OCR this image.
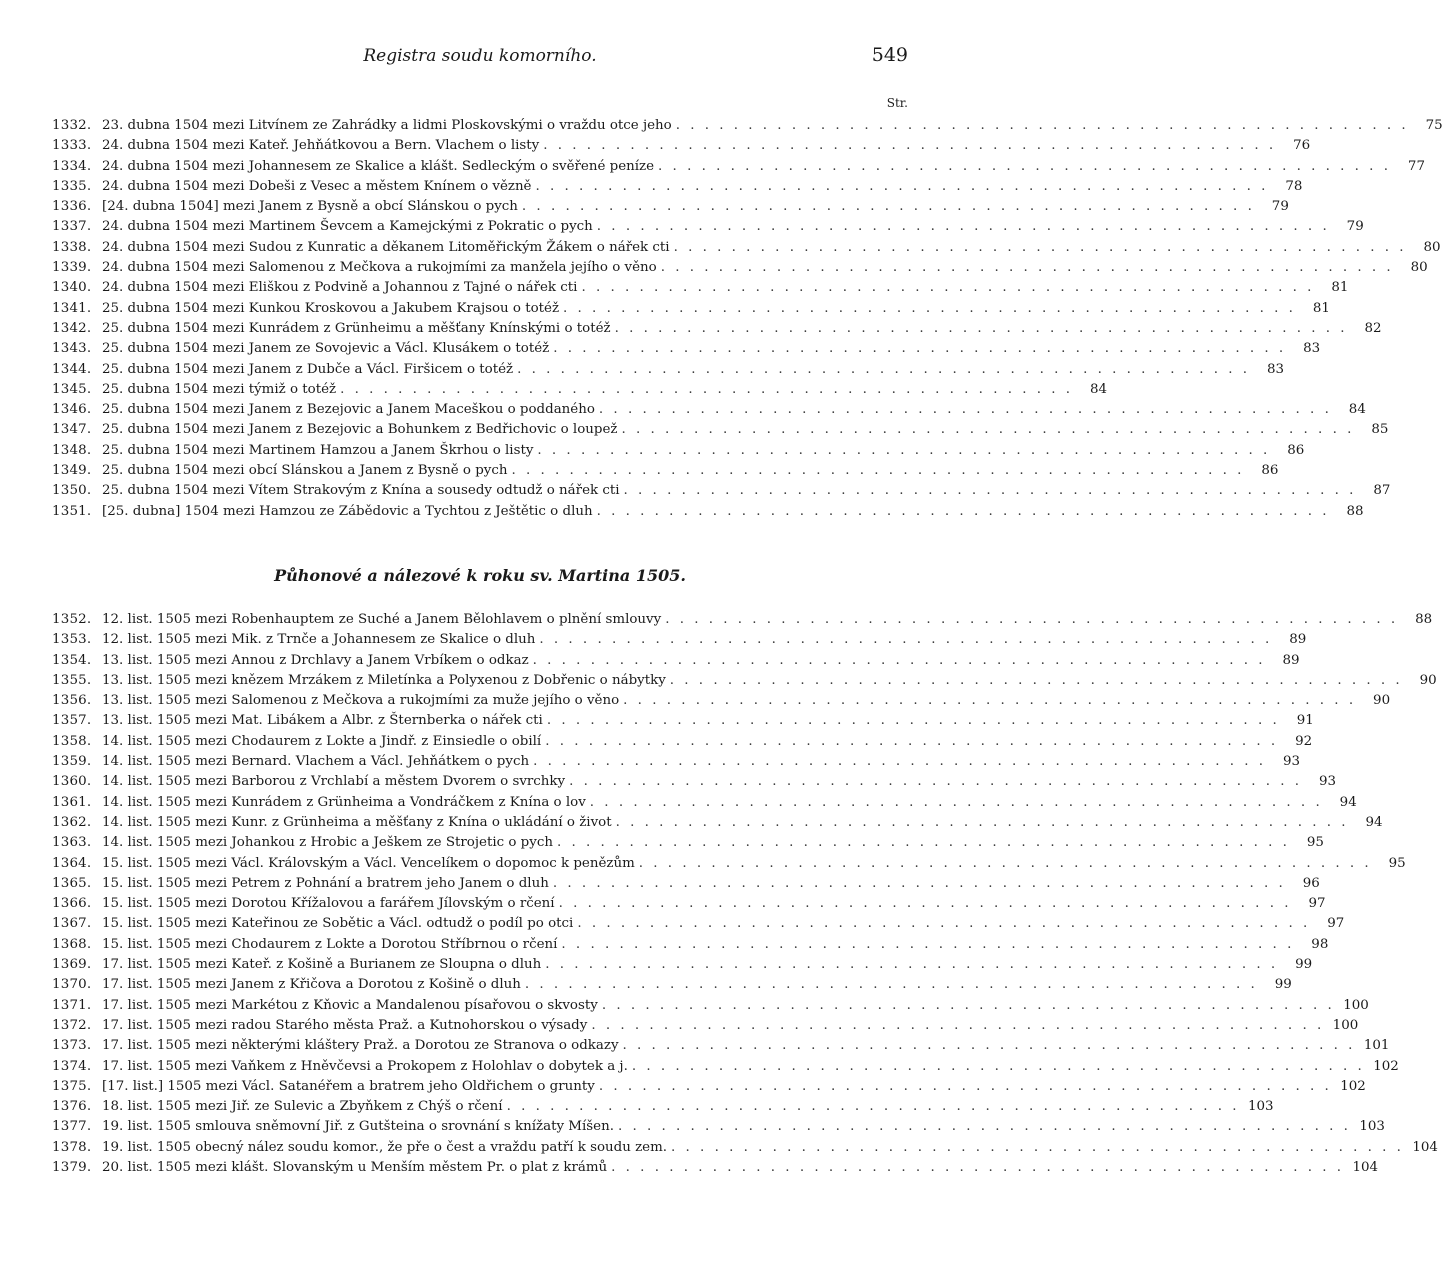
Registra soudu komorního.	549
Str.
1332. 23. dubna 1504 mezi Litvínem ze Zahrádky a lidmi Ploskovskými o vraždu otce jeho . . .	75
1333. 24. dubna 1504 mezi Kateř. Jehňátkovou a Bern. Vlachem o listy . . .	76
1334. 24. dubna 1504 mezi Johannesem ze Skalice a klášt. Sedleckým o svěřené peníze . . .	77
1335. 24. dubna 1504 mezi Dobeši z Vesec a městem Knínem o vězně . . .	78
1336. [24. dubna 1504] mezi Janem z Bysně a obcí Slánskou o pych . . .	79
1337. 24. dubna 1504 mezi Martinem Ševcem a Kamejckými z Pokratic o pych . . .	79
1338. 24. dubna 1504 mezi Sudou z Kunratic a děkanem Litoměřickým Žákem o nářek cti . . .	80
1339. 24. dubna 1504 mezi Salomenou z Mečkova a rukojmími za manžela jejího o věno . . .	80
1340. 24. dubna 1504 mezi Eliškou z Podvině a Johannou z Tajné o nářek cti . . .	81
1341. 25. dubna 1504 mezi Kunkou Kroskovou a Jakubem Krajsou o totéž . . .	81
1342. 25. dubna 1504 mezi Kunrádem z Grünheimu a měšťany Knínskými o totéž . . .	82
1343. 25. dubna 1504 mezi Janem ze Sovojevic a Václ. Klusákem o totéž . . .	83
1344. 25. dubna 1504 mezi Janem z Dubče a Václ. Firšicem o totéž . . .	83
1345. 25. dubna 1504 mezi týmiž o totéž . . .	84
1346. 25. dubna 1504 mezi Janem z Bezejovic a Janem Maceškou o poddaného . . .	84
1347. 25. dubna 1504 mezi Janem z Bezejovic a Bohunkem z Bedřichovic o loupež . . .	85
1348. 25. dubna 1504 mezi Martinem Hamzou a Janem Škrhou o listy . . .	86
1349. 25. dubna 1504 mezi obcí Slánskou a Janem z Bysně o pych . . .	86
1350. 25. dubna 1504 mezi Vítem Strakovým z Knína a sousedy odtudž o nářek cti . . .	87
1351. [25. dubna] 1504 mezi Hamzou ze Zábědovic a Tychtou z Ještětic o dluh . . .	88
Půhonové a nálezové k roku sv. Martina 1505.
1352. 12. list. 1505 mezi Robenhauptem ze Suché a Janem Bělohlavem o plnění smlouvy . . .	88
1353. 12. list. 1505 mezi Mik. z Trnče a Johannesem ze Skalice o dluh . . .	89
1354. 13. list. 1505 mezi Annou z Drchlavy a Janem Vrbíkem o odkaz . . .	89
1355. 13. list. 1505 mezi knězem Mrzákem z Miletínka a Polyxenou z Dobřenic o nábytky . . .	90
1356. 13. list. 1505 mezi Salomenou z Mečkova a rukojmími za muže jejího o věno . . .	90
1357. 13. list. 1505 mezi Mat. Libákem a Albr. z Šternberka o nářek cti . . .	91
1358. 14. list. 1505 mezi Chodaurem z Lokte a Jindř. z Einsiedle o obilí . . .	92
1359. 14. list. 1505 mezi Bernard. Vlachem a Václ. Jehňátkem o pych . . .	93
1360. 14. list. 1505 mezi Barborou z Vrchlabí a městem Dvorem o svrchky . . .	93
1361. 14. list. 1505 mezi Kunrádem z Grünheima a Vondráčkem z Knína o lov . . .	94
1362. 14. list. 1505 mezi Kunr. z Grünheima a měšťany z Knína o ukládání o život . . .	94
1363. 14. list. 1505 mezi Johankou z Hrobic a Ješkem ze Strojetic o pych . . .	95
1364. 15. list. 1505 mezi Václ. Královským a Václ. Vencelíkem o dopomoc k penězům . . .	95
1365. 15. list. 1505 mezi Petrem z Pohnání a bratrem jeho Janem o dluh . . .	96
1366. 15. list. 1505 mezi Dorotou Křížalovou a farářem Jílovským o rčení . . .	97
1367. 15. list. 1505 mezi Kateřinou ze Sobětic a Václ. odtudž o podíl po otci . . .	97
1368. 15. list. 1505 mezi Chodaurem z Lokte a Dorotou Stříbrnou o rčení . . .	98
1369. 17. list. 1505 mezi Kateř. z Košině a Burianem ze Sloupna o dluh . . .	99
1370. 17. list. 1505 mezi Janem z Křičova a Dorotou z Košině o dluh . . .	99
1371. 17. list. 1505 mezi Markétou z Kňovic a Mandalenou písařovou o skvosty . . .	100
1372. 17. list. 1505 mezi radou Starého města Praž. a Kutnohorskou o výsady . . .	100
1373. 17. list. 1505 mezi některými kláštery Praž. a Dorotou ze Stranova o odkazy . . .	101
1374. 17. list. 1505 mezi Vaňkem z Hněvčevsi a Prokopem z Holohlav o dobytek a j. . . .	102
1375. [17. list.] 1505 mezi Václ. Satanéřem a bratrem jeho Oldřichem o grunty . . .	102
1376. 18. list. 1505 mezi Jiř. ze Sulevic a Zbyňkem z Chýš o rčení . . .	103
1377. 19. list. 1505 smlouva sněmovní Jiř. z Gutšteina o srovnání s knížaty Míšen. . . .	103
1378. 19. list. 1505 obecný nález soudu komor., že pře o čest a vraždu patří k soudu zem. . . .	104
1379. 20. list. 1505 mezi klášt. Slovanským u Menším městem Pr. o plat z krámů . . .	104
